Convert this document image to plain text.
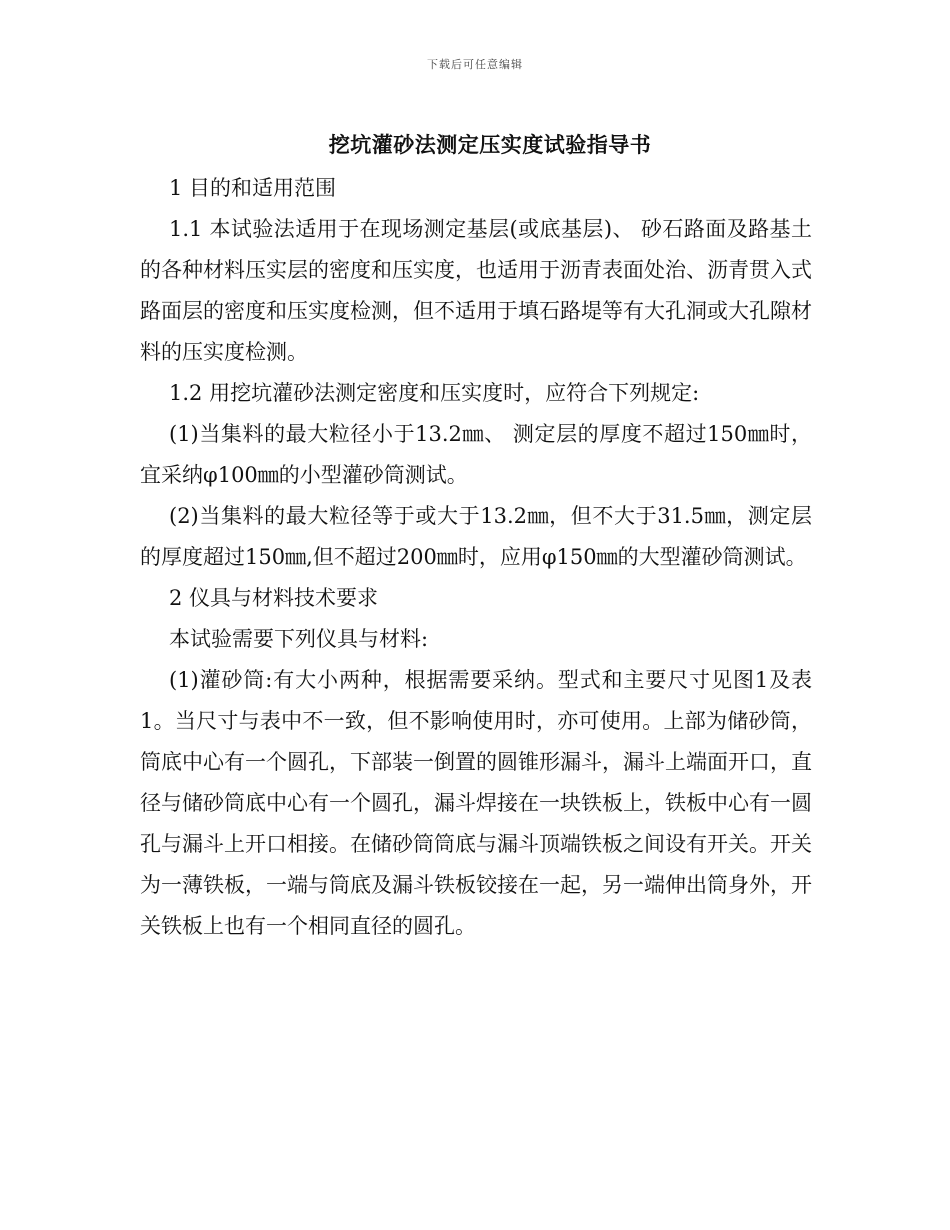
下载后可任意编辑
挖坑灌砂法测定压实度试验指导书

1 目的和适用范围

1.1 本试验法适用于在现场测定基层(或底基层)、 砂石路面及路基土的各种材料压实层的密度和压实度，也适用于沥青表面处治、沥青贯入式路面层的密度和压实度检测，但不适用于填石路堤等有大孔洞或大孔隙材料的压实度检测。

1.2 用挖坑灌砂法测定密度和压实度时，应符合下列规定:

(1)当集料的最大粒径小于13.2㎜、 测定层的厚度不超过150㎜时，宜采纳φ100㎜的小型灌砂筒测试。

(2)当集料的最大粒径等于或大于13.2㎜，但不大于31.5㎜，测定层的厚度超过150㎜,但不超过200㎜时，应用φ150㎜的大型灌砂筒测试。

2 仪具与材料技术要求

本试验需要下列仪具与材料:

(1)灌砂筒:有大小两种，根据需要采纳。型式和主要尺寸见图1及表1。当尺寸与表中不一致，但不影响使用时，亦可使用。上部为储砂筒，筒底中心有一个圆孔，下部装一倒置的圆锥形漏斗，漏斗上端面开口，直径与储砂筒底中心有一个圆孔，漏斗焊接在一块铁板上，铁板中心有一圆孔与漏斗上开口相接。在储砂筒筒底与漏斗顶端铁板之间设有开关。开关为一薄铁板，一端与筒底及漏斗铁板铰接在一起，另一端伸出筒身外，开关铁板上也有一个相同直径的圆孔。
